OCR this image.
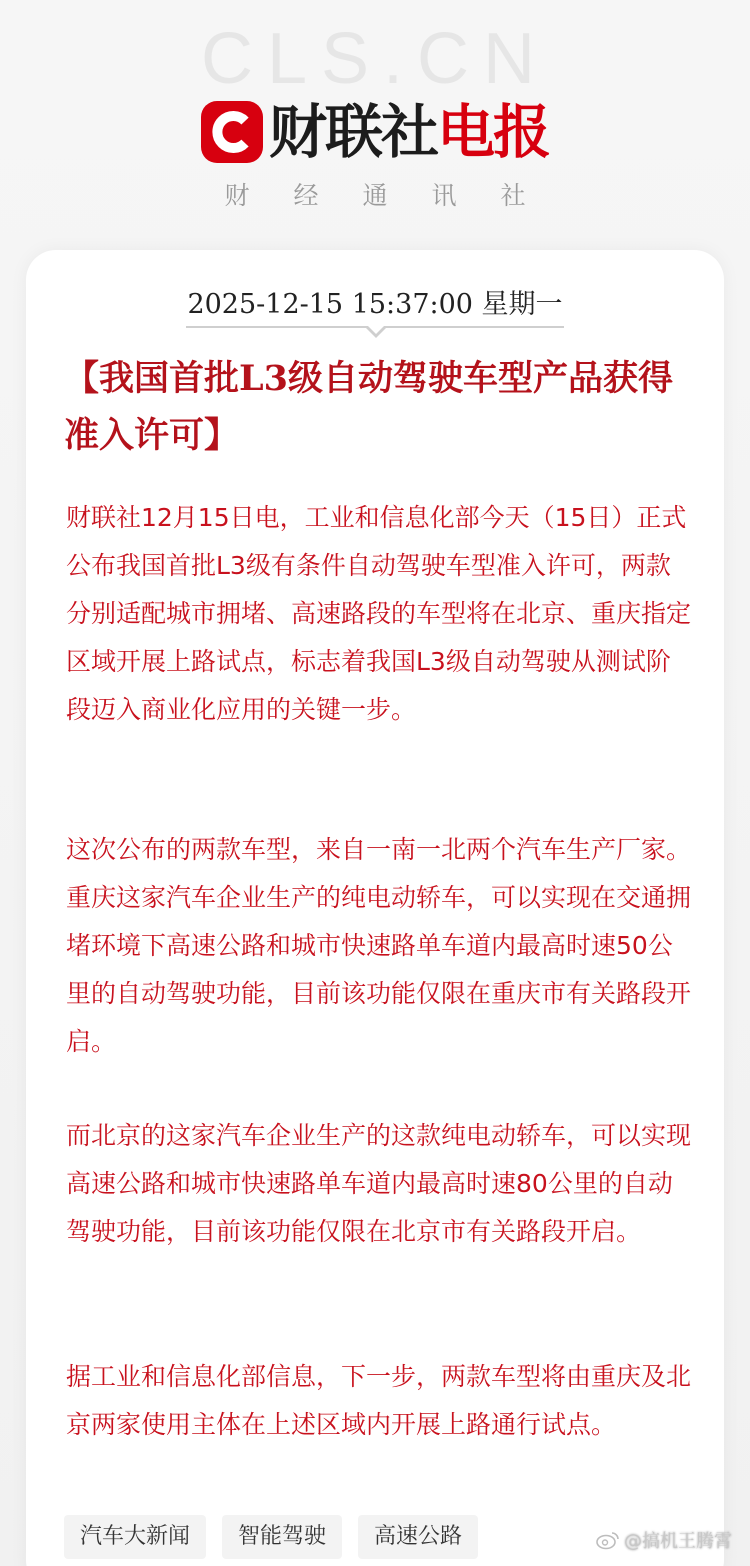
CLS.CN
财联社电报
财经通讯社
2025-12-15 15:37:00 星期一
【我国首批L3级自动驾驶车型产品获得准入许可】
财联社12月15日电，工业和信息化部今天（15日）正式公布我国首批L3级有条件自动驾驶车型准入许可，两款分别适配城市拥堵、高速路段的车型将在北京、重庆指定区域开展上路试点，标志着我国L3级自动驾驶从测试阶段迈入商业化应用的关键一步。
这次公布的两款车型，来自一南一北两个汽车生产厂家。重庆这家汽车企业生产的纯电动轿车，可以实现在交通拥堵环境下高速公路和城市快速路单车道内最高时速50公里的自动驾驶功能，目前该功能仅限在重庆市有关路段开启。
而北京的这家汽车企业生产的这款纯电动轿车，可以实现高速公路和城市快速路单车道内最高时速80公里的自动驾驶功能，目前该功能仅限在北京市有关路段开启。
据工业和信息化部信息，下一步，两款车型将由重庆及北京两家使用主体在上述区域内开展上路通行试点。
汽车大新闻	智能驾驶	高速公路	@搞机王腾霄
